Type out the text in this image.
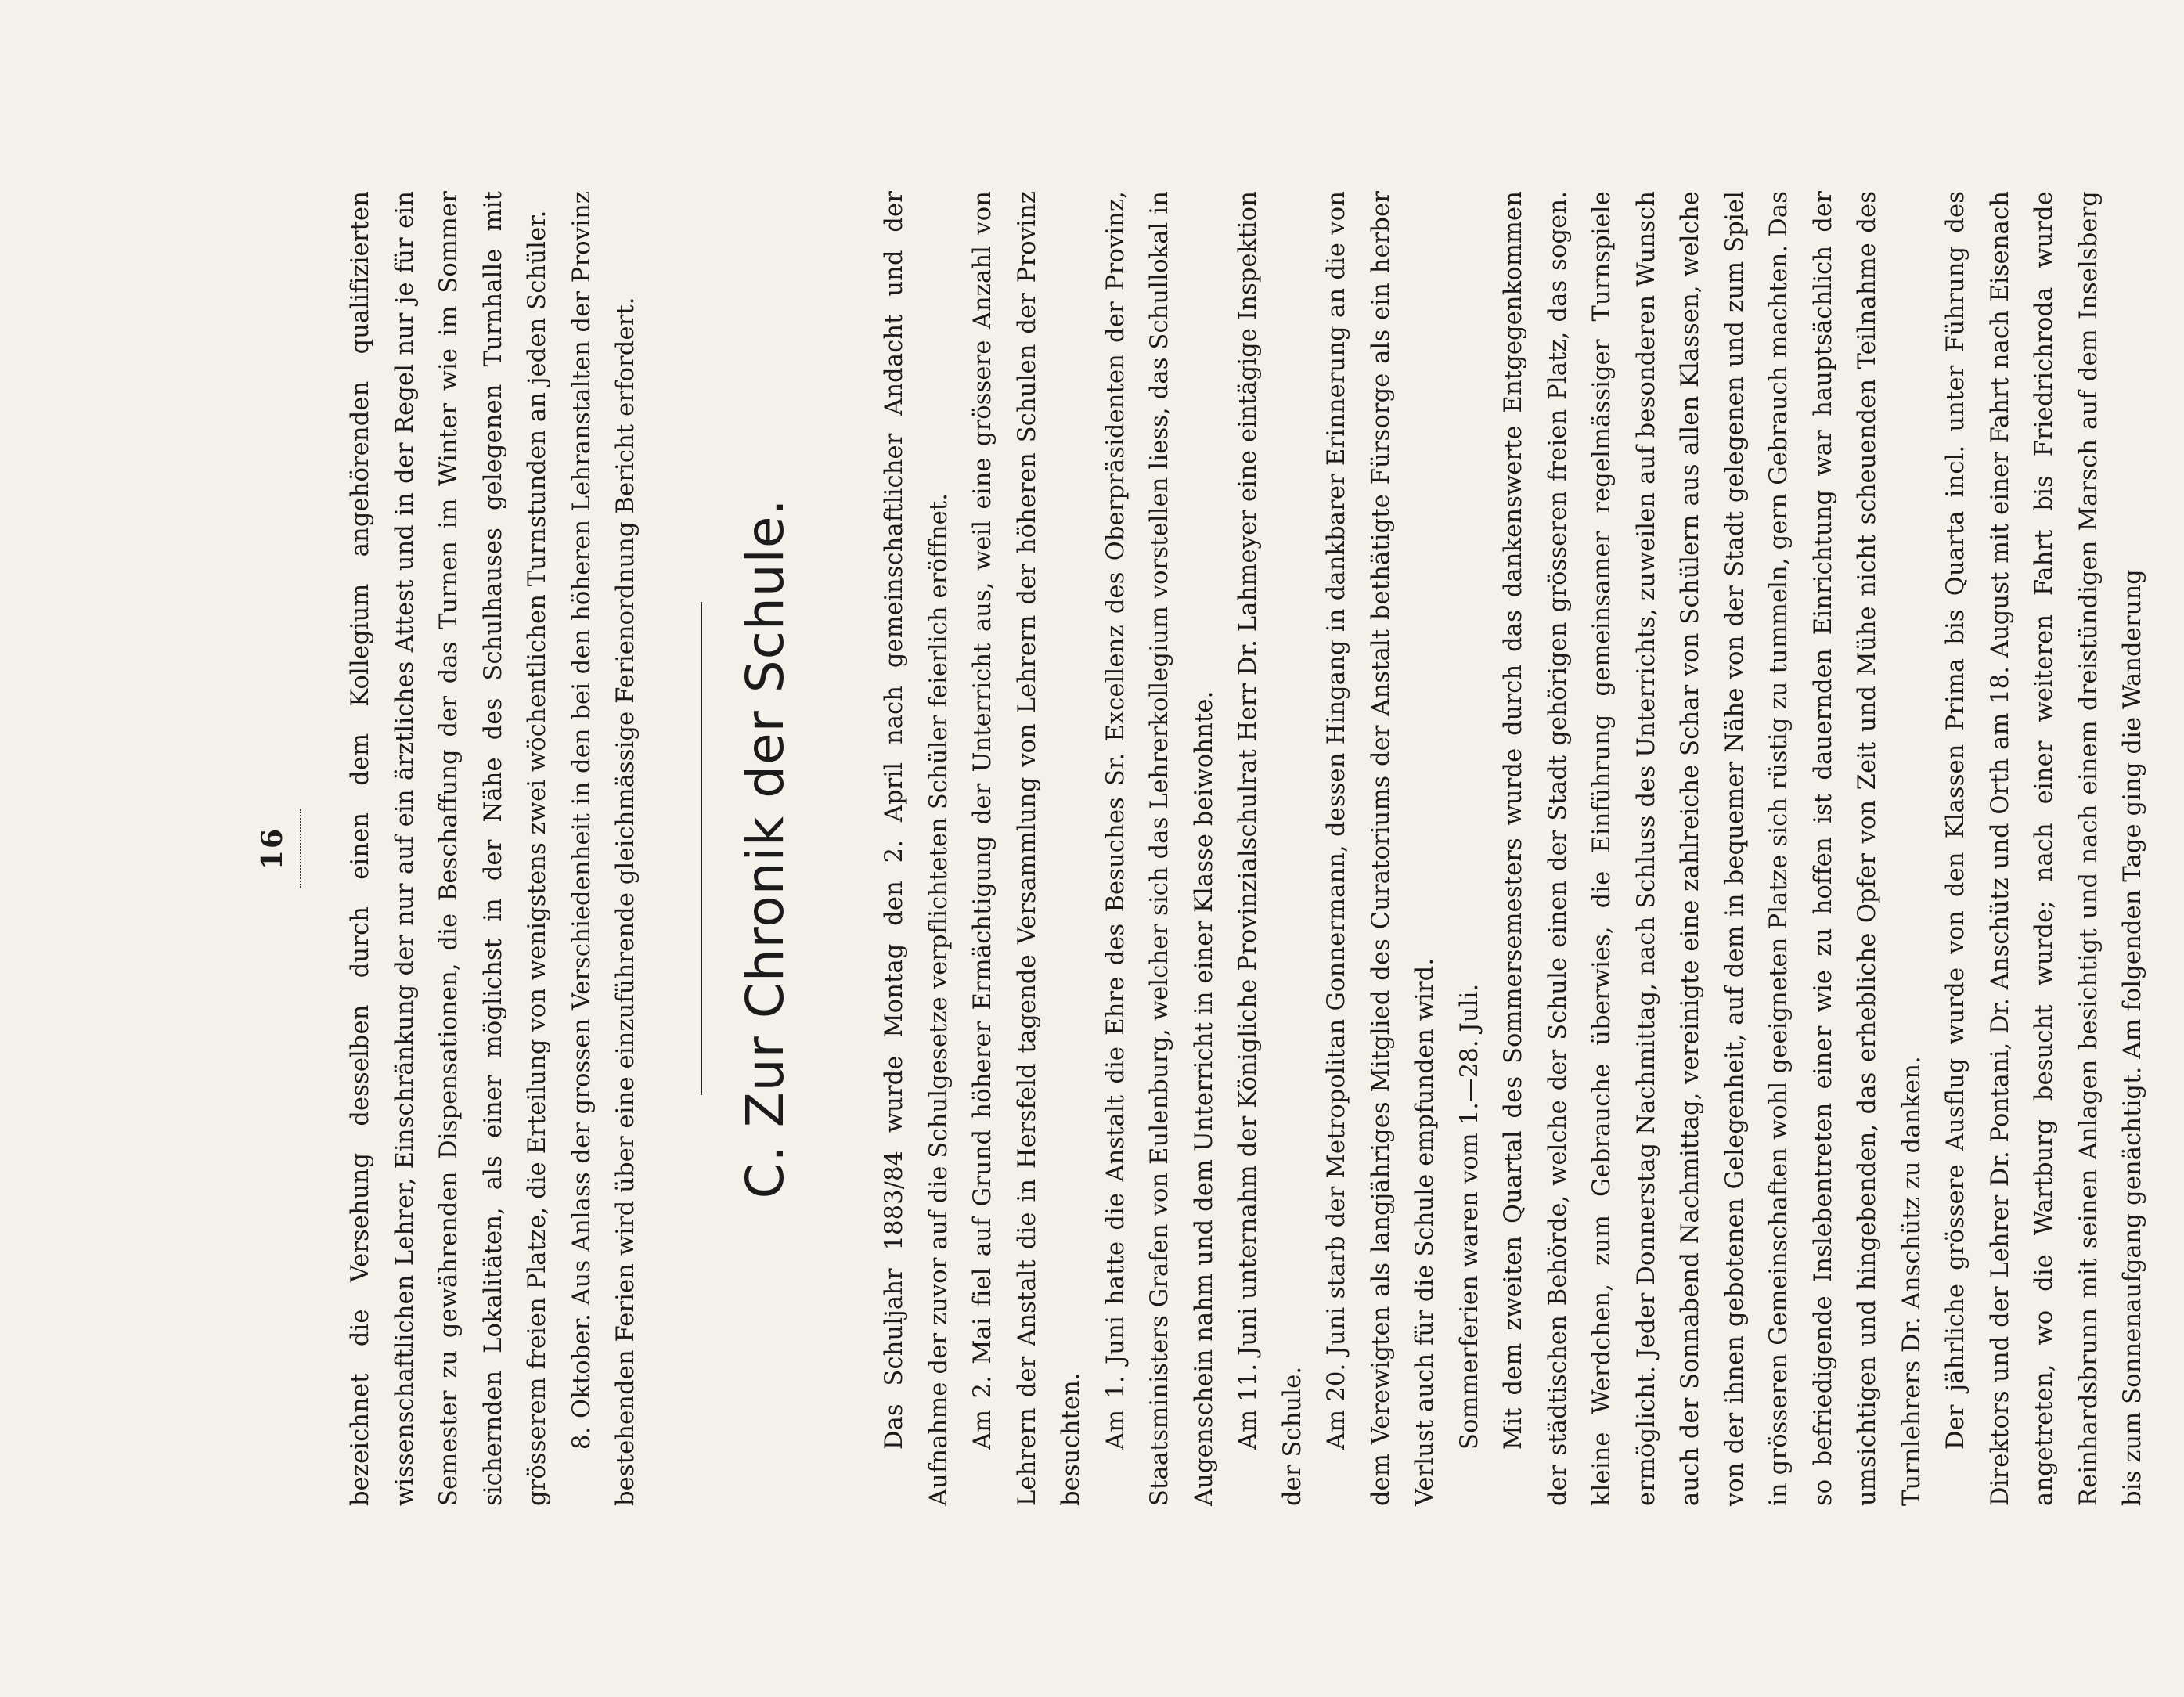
16	bezeichnet die Versehung desselben durch einen dem Kollegium angehörenden qualifizierten wissenschaftlichen Lehrer, Einschränkung der nur auf ein ärztliches Attest und in der Regel nur je für ein Semester zu gewährenden Dispensationen, die Beschaffung der das Turnen im Winter wie im Sommer sichernden Lokalitäten, als einer möglichst in der Nähe des Schulhauses gelegenen Turnhalle mit grösserem freien Platze, die Erteilung von wenigstens zwei wöchentlichen Turnstunden an jeden Schüler. 8. Oktober. Aus Anlass der grossen Verschiedenheit in den bei den höheren Lehranstalten der Provinz bestehenden Ferien wird über eine einzuführende gleichmässige Ferienordnung Bericht erfordert. C. Zur Chronik der Schule.	Das Schuljahr 1883/84 wurde Montag den 2. April nach gemeinschaftlicher Andacht und der Aufnahme der zuvor auf die Schulgesetze verpflichteten Schüler feierlich eröffnet. Am 2. Mai fiel auf Grund höherer Ermächtigung der Unterricht aus, weil eine grössere Anzahl von Lehrern der Anstalt die in Hersfeld tagende Versammlung von Lehrern der höheren Schulen der Provinz besuchten. Am 1. Juni hatte die Anstalt die Ehre des Besuches Sr. Excellenz des Oberpräsidenten der Provinz, Staatsministers Grafen von Eulenburg, welcher sich das Lehrerkollegium vorstellen liess, das Schullokal in Augenschein nahm und dem Unterricht in einer Klasse beiwohnte. Am 11. Juni unternahm der Königliche Provinzialschulrat Herr Dr. Lahmeyer eine eintägige Inspektion der Schule. Am 20. Juni starb der Metropolitan Gonnermann, dessen Hingang in dankbarer Erinnerung an die von dem Verewigten als langjähriges Mitglied des Curatoriums der Anstalt bethätigte Fürsorge als ein herber Verlust auch für die Schule empfunden wird. Sommerferien waren vom 1.—28. Juli. Mit dem zweiten Quartal des Sommersemesters wurde durch das dankenswerte Entgegenkommen der städtischen Behörde, welche der Schule einen der Stadt gehörigen grösseren freien Platz, das sogen. kleine Werdchen, zum Gebrauche überwies, die Einführung gemeinsamer regelmässiger Turnspiele ermöglicht. Jeder Donnerstag Nachmittag, nach Schluss des Unterrichts, zuweilen auf besonderen Wunsch auch der Sonnabend Nachmittag, vereinigte eine zahlreiche Schar von Schülern aus allen Klassen, welche von der ihnen gebotenen Gelegenheit, auf dem in bequemer Nähe von der Stadt gelegenen und zum Spiel in grösseren Gemeinschaften wohl geeigneten Platze sich rüstig zu tummeln, gern Gebrauch machten. Das so befriedigende Inslebentreten einer wie zu hoffen ist dauernden Einrichtung war hauptsächlich der umsichtigen und hingebenden, das erhebliche Opfer von Zeit und Mühe nicht scheuenden Teilnahme des Turnlehrers Dr. Anschütz zu danken. Der jährliche grössere Ausflug wurde von den Klassen Prima bis Quarta incl. unter Führung des Direktors und der Lehrer Dr. Pontani, Dr. Anschütz und Orth am 18. August mit einer Fahrt nach Eisenach angetreten, wo die Wartburg besucht wurde; nach einer weiteren Fahrt bis Friedrichroda wurde Reinhardsbrunn mit seinen Anlagen besichtigt und nach einem dreistündigen Marsch auf dem Inselsberg bis zum Sonnenaufgang genächtigt. Am folgenden Tage ging die Wanderung
